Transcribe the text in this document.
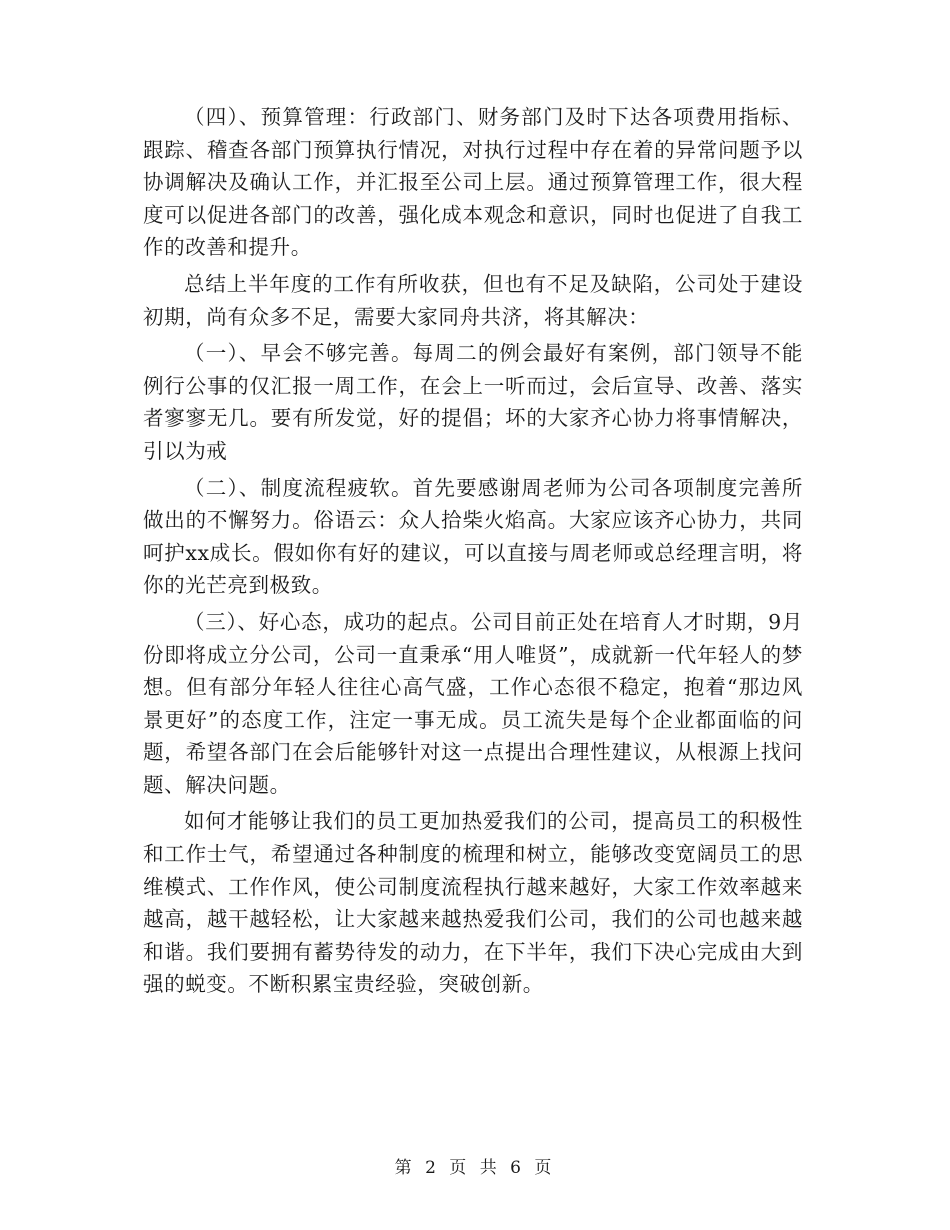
（四）、预算管理：行政部门、财务部门及时下达各项费用指标、跟踪、稽查各部门预算执行情况，对执行过程中存在着的异常问题予以协调解决及确认工作，并汇报至公司上层。通过预算管理工作，很大程度可以促进各部门的改善，强化成本观念和意识，同时也促进了自我工作的改善和提升。

总结上半年度的工作有所收获，但也有不足及缺陷，公司处于建设初期，尚有众多不足，需要大家同舟共济，将其解决：

（一）、早会不够完善。每周二的例会最好有案例，部门领导不能例行公事的仅汇报一周工作，在会上一听而过，会后宣导、改善、落实者寥寥无几。要有所发觉，好的提倡；坏的大家齐心协力将事情解决，引以为戒

（二）、制度流程疲软。首先要感谢周老师为公司各项制度完善所做出的不懈努力。俗语云：众人拾柴火焰高。大家应该齐心协力，共同呵护xx成长。假如你有好的建议，可以直接与周老师或总经理言明，将你的光芒亮到极致。

（三）、好心态，成功的起点。公司目前正处在培育人才时期，9月份即将成立分公司，公司一直秉承“用人唯贤”，成就新一代年轻人的梦想。但有部分年轻人往往心高气盛，工作心态很不稳定，抱着“那边风景更好”的态度工作，注定一事无成。员工流失是每个企业都面临的问题，希望各部门在会后能够针对这一点提出合理性建议，从根源上找问题、解决问题。

如何才能够让我们的员工更加热爱我们的公司，提高员工的积极性和工作士气，希望通过各种制度的梳理和树立，能够改变宽阔员工的思维模式、工作作风，使公司制度流程执行越来越好，大家工作效率越来越高，越干越轻松，让大家越来越热爱我们公司，我们的公司也越来越和谐。我们要拥有蓄势待发的动力，在下半年，我们下决心完成由大到强的蜕变。不断积累宝贵经验，突破创新。

第 2 页 共 6 页
